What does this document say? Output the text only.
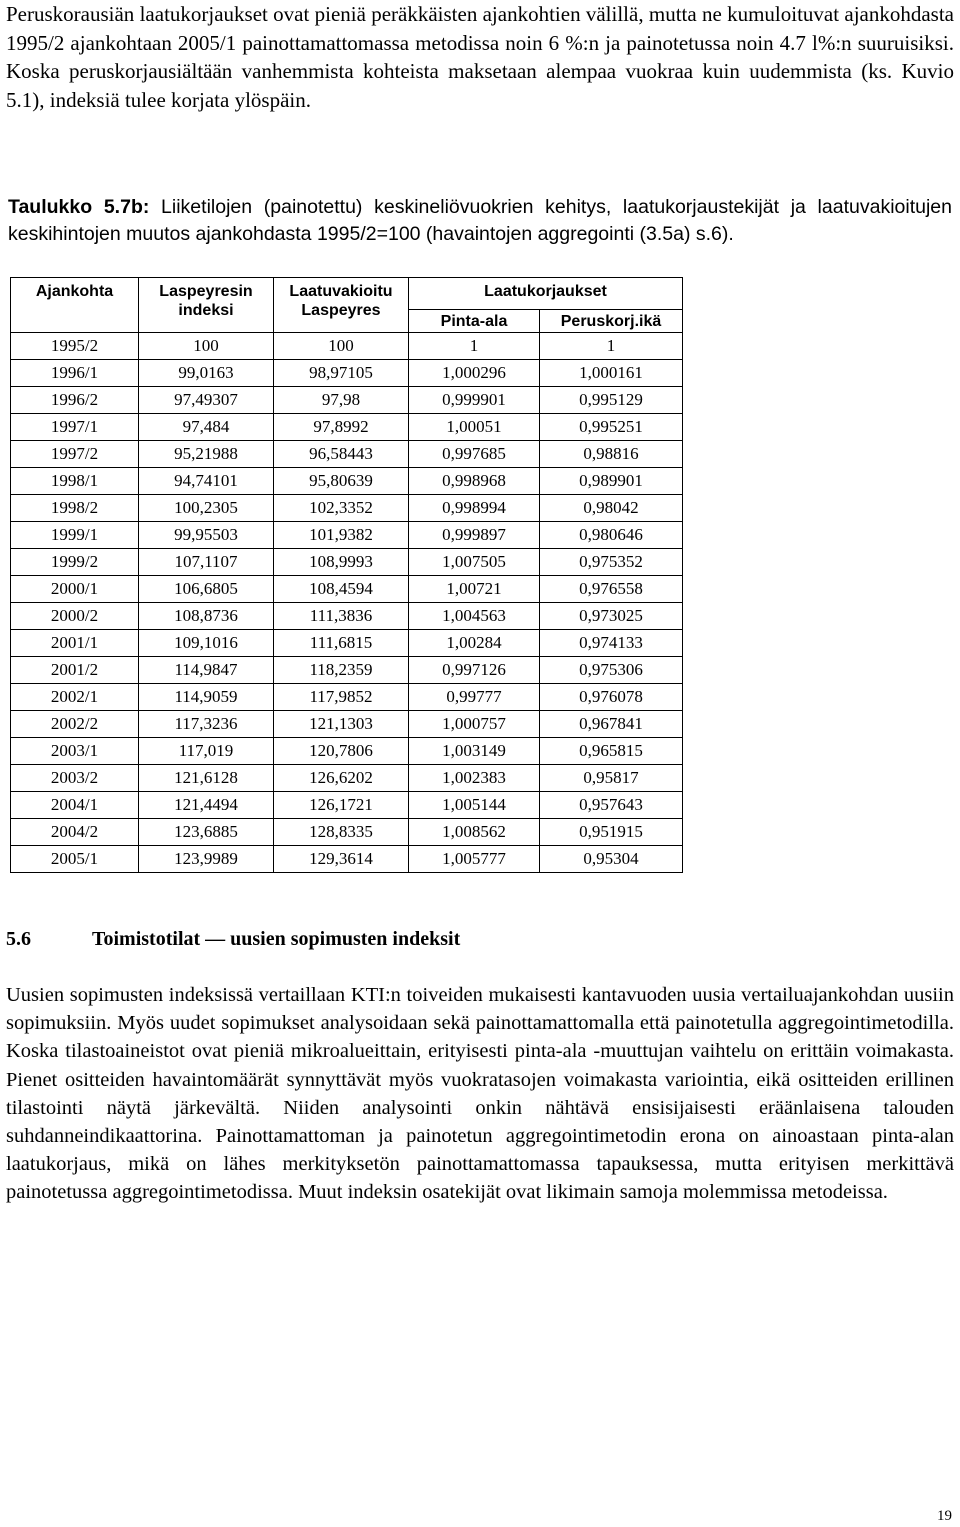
Peruskorausiän laatukorjaukset ovat pieniä peräkkäisten ajankohtien välillä, mutta ne kumuloituvat ajankohdasta 1995/2 ajankohtaan 2005/1 painottamattomassa metodissa noin 6 %:n ja painotetussa noin 4.7 l%:n suuruisiksi. Koska peruskorjausiältään vanhemmista kohteista maksetaan alempaa vuokraa kuin uudemmista (ks. Kuvio 5.1), indeksiä tulee korjata ylöspäin.
Taulukko 5.7b: Liiketilojen (painotettu) keskineliövuokrien kehitys, laatukorjaustekijät ja laatuvakioitujen keskihintojen muutos ajankohdasta 1995/2=100 (havaintojen aggregointi (3.5a) s.6).
Ajankohta	Laspeyresin indeksi	Laatuvakioitu Laspeyres	Laatukorjaukset	
			Pinta-ala	Peruskorj.ikä
1995/2	100	100	1	1
1996/1	99,0163	98,97105	1,000296	1,000161
1996/2	97,49307	97,98	0,999901	0,995129
1997/1	97,484	97,8992	1,00051	0,995251
1997/2	95,21988	96,58443	0,997685	0,98816
1998/1	94,74101	95,80639	0,998968	0,989901
1998/2	100,2305	102,3352	0,998994	0,98042
1999/1	99,95503	101,9382	0,999897	0,980646
1999/2	107,1107	108,9993	1,007505	0,975352
2000/1	106,6805	108,4594	1,00721	0,976558
2000/2	108,8736	111,3836	1,004563	0,973025
2001/1	109,1016	111,6815	1,00284	0,974133
2001/2	114,9847	118,2359	0,997126	0,975306
2002/1	114,9059	117,9852	0,99777	0,976078
2002/2	117,3236	121,1303	1,000757	0,967841
2003/1	117,019	120,7806	1,003149	0,965815
2003/2	121,6128	126,6202	1,002383	0,95817
2004/1	121,4494	126,1721	1,005144	0,957643
2004/2	123,6885	128,8335	1,008562	0,951915
2005/1	123,9989	129,3614	1,005777	0,95304
5.6	Toimistotilat — uusien sopimusten indeksit
Uusien sopimusten indeksissä vertaillaan KTI:n toiveiden mukaisesti kantavuoden uusia vertailuajankohdan uusiin sopimuksiin. Myös uudet sopimukset analysoidaan sekä painottamattomalla että painotetulla aggregointimetodilla. Koska tilastoaineistot ovat pieniä mikroalueittain, erityisesti pinta-ala -muuttujan vaihtelu on erittäin voimakasta. Pienet ositteiden havaintomäärät synnyttävät myös vuokratasojen voimakasta variointia, eikä ositteiden erillinen tilastointi näytä järkevältä. Niiden analysointi onkin nähtävä ensisijaisesti eräänlaisena talouden suhdanneindikaattorina. Painottamattoman ja painotetun aggregointimetodin erona on ainoastaan pinta-alan laatukorjaus, mikä on lähes merkityksetön painottamattomassa tapauksessa, mutta erityisen merkittävä painotetussa aggregointimetodissa. Muut indeksin osatekijät ovat likimain samoja molemmissa metodeissa.
19
